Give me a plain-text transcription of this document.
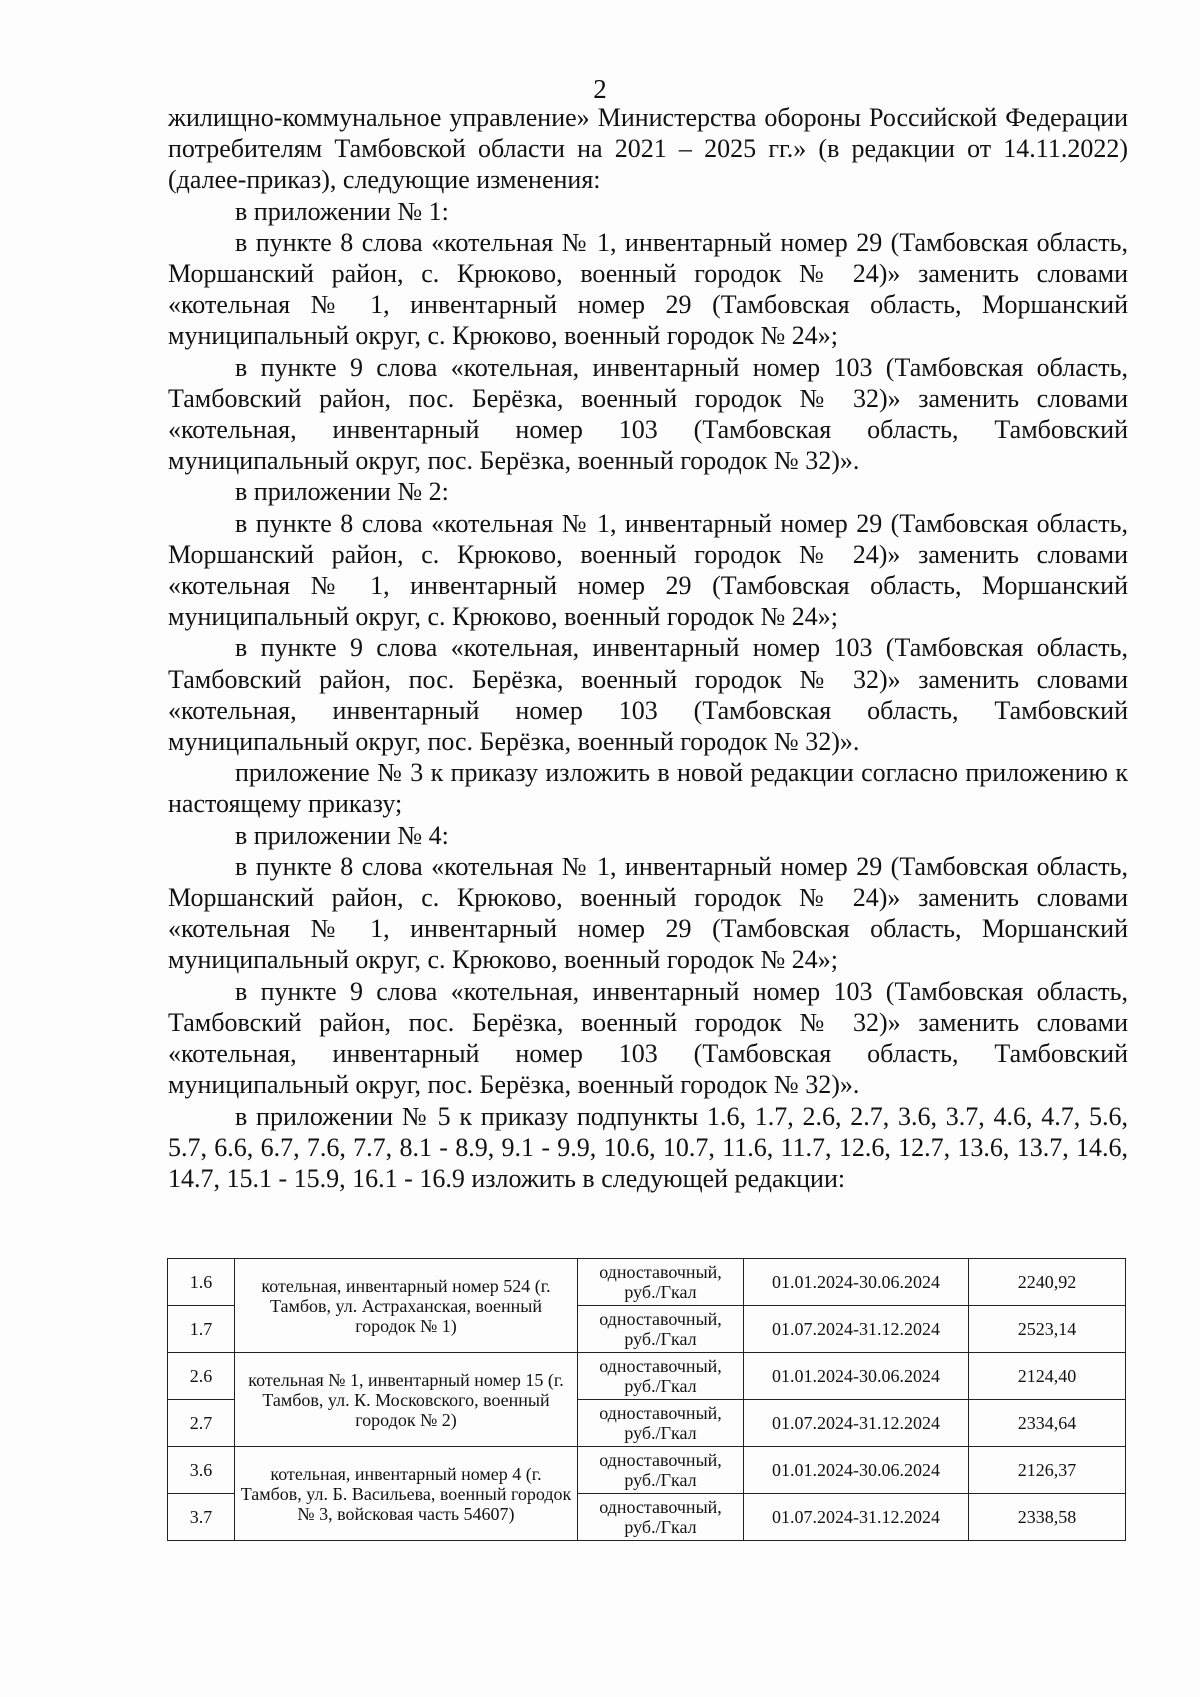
2

жилищно-коммунальное управление» Министерства обороны Российской Федерации потребителям Тамбовской области на 2021 – 2025 гг.» (в редакции от 14.11.2022) (далее-приказ), следующие изменения:

в приложении № 1:

в пункте 8 слова «котельная № 1, инвентарный номер 29 (Тамбовская область, Моршанский район, с. Крюково, военный городок № 24)» заменить словами «котельная № 1, инвентарный номер 29 (Тамбовская область, Моршанский муниципальный округ, с. Крюково, военный городок № 24»;

в пункте 9 слова «котельная, инвентарный номер 103 (Тамбовская область, Тамбовский район, пос. Берёзка, военный городок № 32)» заменить словами «котельная, инвентарный номер 103 (Тамбовская область, Тамбовский муниципальный округ, пос. Берёзка, военный городок № 32)».

в приложении № 2:

в пункте 8 слова «котельная № 1, инвентарный номер 29 (Тамбовская область, Моршанский район, с. Крюково, военный городок № 24)» заменить словами «котельная № 1, инвентарный номер 29 (Тамбовская область, Моршанский муниципальный округ, с. Крюково, военный городок № 24»;

в пункте 9 слова «котельная, инвентарный номер 103 (Тамбовская область, Тамбовский район, пос. Берёзка, военный городок № 32)» заменить словами «котельная, инвентарный номер 103 (Тамбовская область, Тамбовский муниципальный округ, пос. Берёзка, военный городок № 32)».

приложение № 3 к приказу изложить в новой редакции согласно приложению к настоящему приказу;

в приложении № 4:

в пункте 8 слова «котельная № 1, инвентарный номер 29 (Тамбовская область, Моршанский район, с. Крюково, военный городок № 24)» заменить словами «котельная № 1, инвентарный номер 29 (Тамбовская область, Моршанский муниципальный округ, с. Крюково, военный городок № 24»;

в пункте 9 слова «котельная, инвентарный номер 103 (Тамбовская область, Тамбовский район, пос. Берёзка, военный городок № 32)» заменить словами «котельная, инвентарный номер 103 (Тамбовская область, Тамбовский муниципальный округ, пос. Берёзка, военный городок № 32)».

в приложении № 5 к приказу подпункты 1.6, 1.7, 2.6, 2.7, 3.6, 3.7, 4.6, 4.7, 5.6, 5.7, 6.6, 6.7, 7.6, 7.7, 8.1 - 8.9, 9.1 - 9.9, 10.6, 10.7, 11.6, 11.7, 12.6, 12.7, 13.6, 13.7, 14.6, 14.7, 15.1 - 15.9, 16.1 - 16.9 изложить в следующей редакции:

1.6	котельная, инвентарный номер 524 (г. Тамбов, ул. Астраханская, военный городок № 1)	одноставочный, руб./Гкал	01.01.2024-30.06.2024	2240,92
1.7		одноставочный, руб./Гкал	01.07.2024-31.12.2024	2523,14
2.6	котельная № 1, инвентарный номер 15 (г. Тамбов, ул. К. Московского, военный городок № 2)	одноставочный, руб./Гкал	01.01.2024-30.06.2024	2124,40
2.7		одноставочный, руб./Гкал	01.07.2024-31.12.2024	2334,64
3.6	котельная, инвентарный номер 4 (г. Тамбов, ул. Б. Васильева, военный городок № 3, войсковая часть 54607)	одноставочный, руб./Гкал	01.01.2024-30.06.2024	2126,37
3.7		одноставочный, руб./Гкал	01.07.2024-31.12.2024	2338,58
